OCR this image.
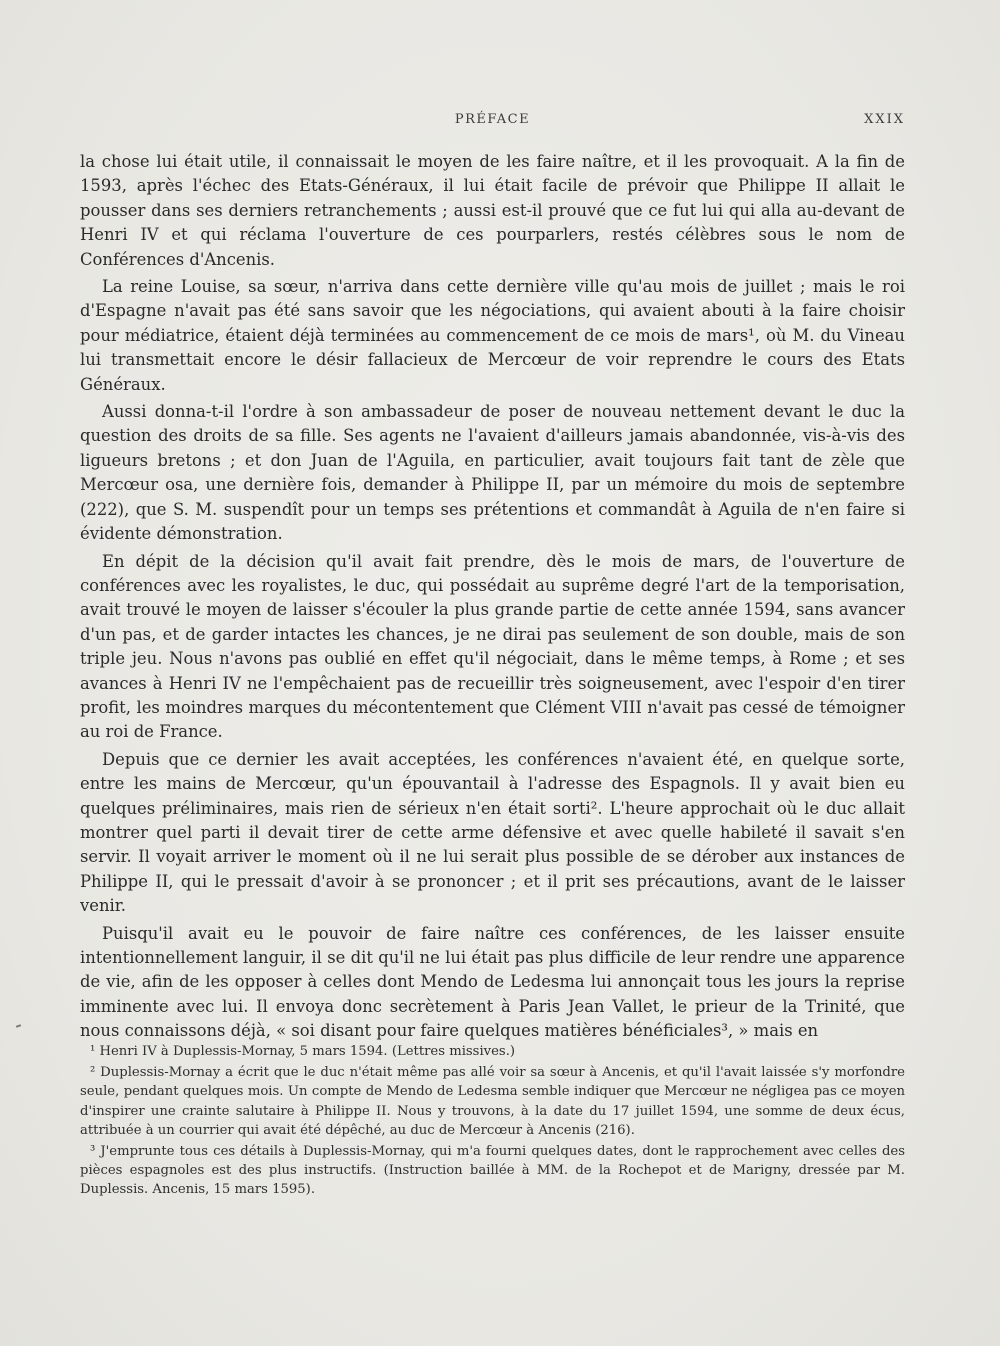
PRÉFACE	XXIX

la chose lui était utile, il connaissait le moyen de les faire naître, et il les provoquait. A la fin de 1593, après l'échec des Etats-Généraux, il lui était facile de prévoir que Philippe II allait le pousser dans ses derniers retranchements ; aussi est-il prouvé que ce fut lui qui alla au-devant de Henri IV et qui réclama l'ouverture de ces pourparlers, restés célèbres sous le nom de Conférences d'Ancenis.

La reine Louise, sa sœur, n'arriva dans cette dernière ville qu'au mois de juillet ; mais le roi d'Espagne n'avait pas été sans savoir que les négociations, qui avaient abouti à la faire choisir pour médiatrice, étaient déjà terminées au commencement de ce mois de mars¹, où M. du Vineau lui transmettait encore le désir fallacieux de Mercœur de voir reprendre le cours des Etats Généraux.

Aussi donna-t-il l'ordre à son ambassadeur de poser de nouveau nettement devant le duc la question des droits de sa fille. Ses agents ne l'avaient d'ailleurs jamais abandonnée, vis-à-vis des ligueurs bretons ; et don Juan de l'Aguila, en particulier, avait toujours fait tant de zèle que Mercœur osa, une dernière fois, demander à Philippe II, par un mémoire du mois de septembre (222), que S. M. suspendît pour un temps ses prétentions et commandât à Aguila de n'en faire si évidente démonstration.

En dépit de la décision qu'il avait fait prendre, dès le mois de mars, de l'ouverture de conférences avec les royalistes, le duc, qui possédait au suprême degré l'art de la temporisation, avait trouvé le moyen de laisser s'écouler la plus grande partie de cette année 1594, sans avancer d'un pas, et de garder intactes les chances, je ne dirai pas seulement de son double, mais de son triple jeu. Nous n'avons pas oublié en effet qu'il négociait, dans le même temps, à Rome ; et ses avances à Henri IV ne l'empêchaient pas de recueillir très soigneusement, avec l'espoir d'en tirer profit, les moindres marques du mécontentement que Clément VIII n'avait pas cessé de témoigner au roi de France.

Depuis que ce dernier les avait acceptées, les conférences n'avaient été, en quelque sorte, entre les mains de Mercœur, qu'un épouvantail à l'adresse des Espagnols. Il y avait bien eu quelques préliminaires, mais rien de sérieux n'en était sorti². L'heure approchait où le duc allait montrer quel parti il devait tirer de cette arme défensive et avec quelle habileté il savait s'en servir. Il voyait arriver le moment où il ne lui serait plus possible de se dérober aux instances de Philippe II, qui le pressait d'avoir à se prononcer ; et il prit ses précautions, avant de le laisser venir.

Puisqu'il avait eu le pouvoir de faire naître ces conférences, de les laisser ensuite intentionnellement languir, il se dit qu'il ne lui était pas plus difficile de leur rendre une apparence de vie, afin de les opposer à celles dont Mendo de Ledesma lui annonçait tous les jours la reprise imminente avec lui. Il envoya donc secrètement à Paris Jean Vallet, le prieur de la Trinité, que nous connaissons déjà, « soi disant pour faire quelques matières bénéficiales³, » mais en

¹ Henri IV à Duplessis-Mornay, 5 mars 1594. (Lettres missives.)

² Duplessis-Mornay a écrit que le duc n'était même pas allé voir sa sœur à Ancenis, et qu'il l'avait laissée s'y morfondre seule, pendant quelques mois. Un compte de Mendo de Ledesma semble indiquer que Mercœur ne négligea pas ce moyen d'inspirer une crainte salutaire à Philippe II. Nous y trouvons, à la date du 17 juillet 1594, une somme de deux écus, attribuée à un courrier qui avait été dépêché, au duc de Mercœur à Ancenis (216).

³ J'emprunte tous ces détails à Duplessis-Mornay, qui m'a fourni quelques dates, dont le rapprochement avec celles des pièces espagnoles est des plus instructifs. (Instruction baillée à MM. de la Rochepot et de Marigny, dressée par M. Duplessis. Ancenis, 15 mars 1595).
